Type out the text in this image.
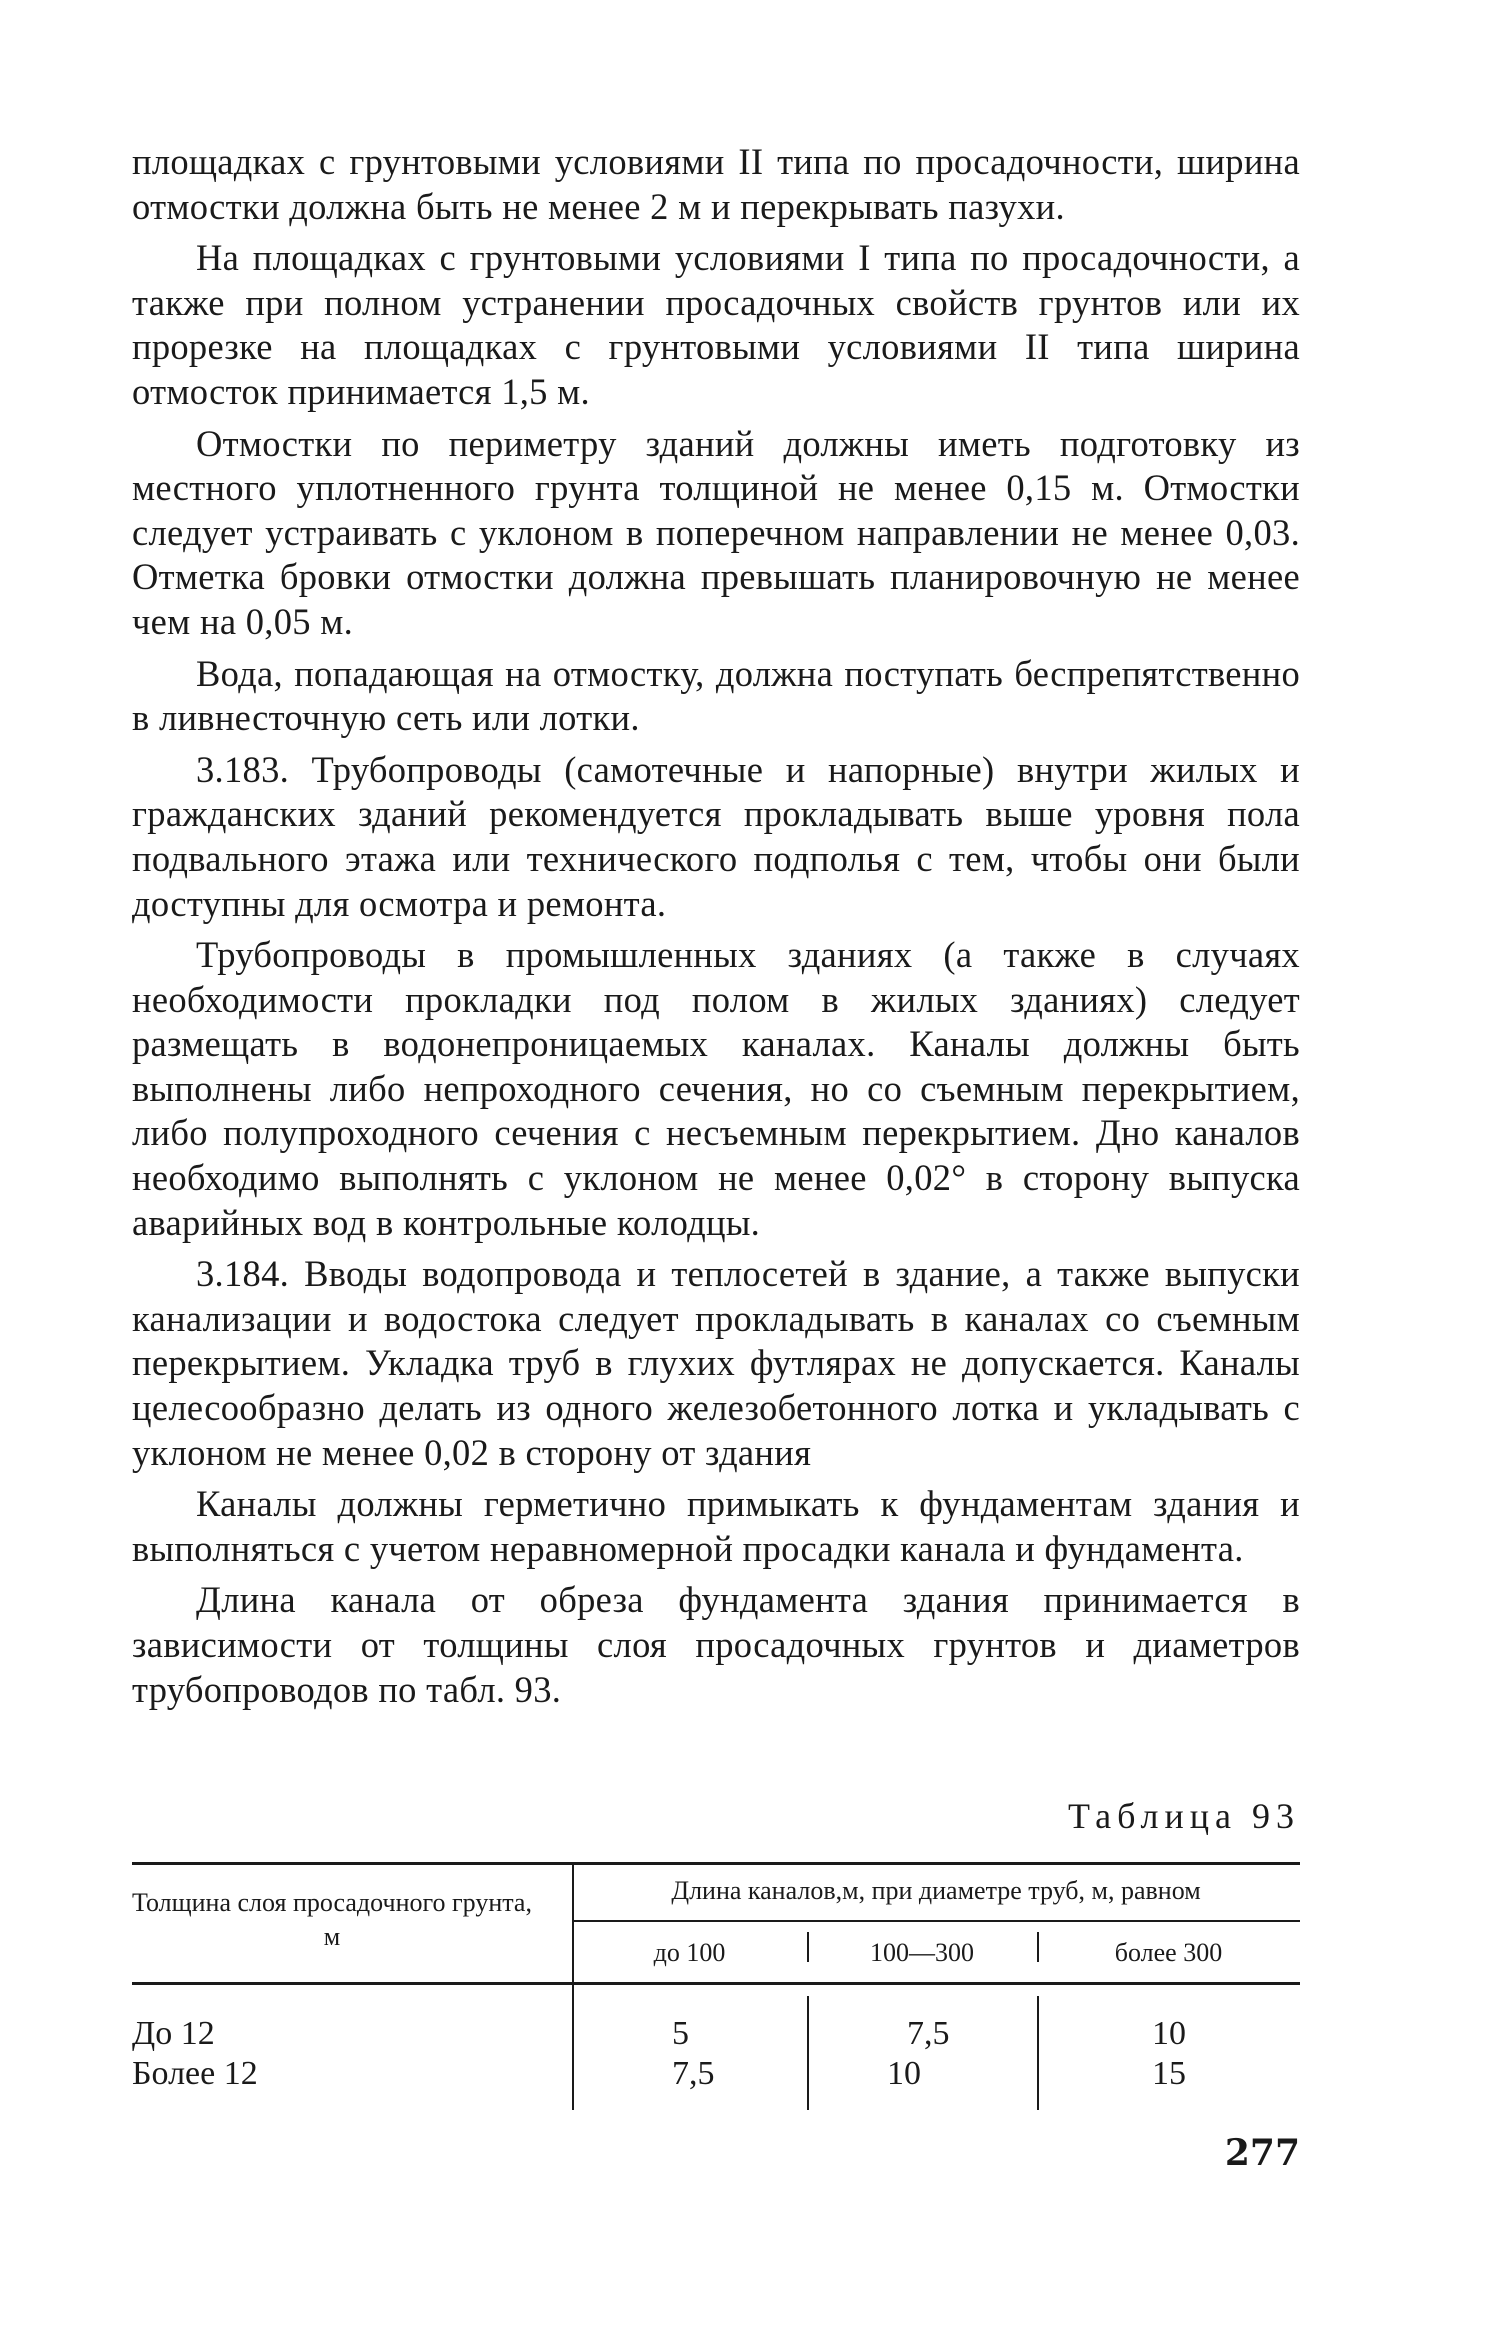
площадках с грунтовыми условиями II типа по просадочности, ширина отмостки должна быть не менее 2 м и перекрывать пазухи.

На площадках с грунтовыми условиями I типа по просадочности, а также при полном устранении просадочных свойств грунтов или их прорезке на площадках с грунтовыми условиями II типа ширина отмосток принимается 1,5 м.

Отмостки по периметру зданий должны иметь подготовку из местного уплотненного грунта толщиной не менее 0,15 м. Отмостки следует устраивать с уклоном в поперечном направлении не менее 0,03. Отметка бровки отмостки должна превышать планировочную не менее чем на 0,05 м.

Вода, попадающая на отмостку, должна поступать беспрепятственно в ливнесточную сеть или лотки.

3.183. Трубопроводы (самотечные и напорные) внутри жилых и гражданских зданий рекомендуется прокладывать выше уровня пола подвального этажа или технического подполья с тем, чтобы они были доступны для осмотра и ремонта.

Трубопроводы в промышленных зданиях (а также в случаях необходимости прокладки под полом в жилых зданиях) следует размещать в водонепроницаемых каналах. Каналы должны быть выполнены либо непроходного сечения, но со съемным перекрытием, либо полупроходного сечения с несъемным перекрытием. Дно каналов необходимо выполнять с уклоном не менее 0,02° в сторону выпуска аварийных вод в контрольные колодцы.

3.184. Вводы водопровода и теплосетей в здание, а также выпуски канализации и водостока следует прокладывать в каналах со съемным перекрытием. Укладка труб в глухих футлярах не допускается. Каналы целесообразно делать из одного железобетонного лотка и укладывать с уклоном не менее 0,02 в сторону от здания

Каналы должны герметично примыкать к фундаментам здания и выполняться с учетом неравномерной просадки канала и фундамента.

Длина канала от обреза фундамента здания принимается в зависимости от толщины слоя просадочных грунтов и диаметров трубопроводов по табл. 93.

Таблица 93
Толщина слоя просадочного грунта, м
Длина каналов,м, при диаметре труб, м, равном
до 100	100—300	более 300
До 12	5	7,5	10
Более 12	7,5	10	15
277
